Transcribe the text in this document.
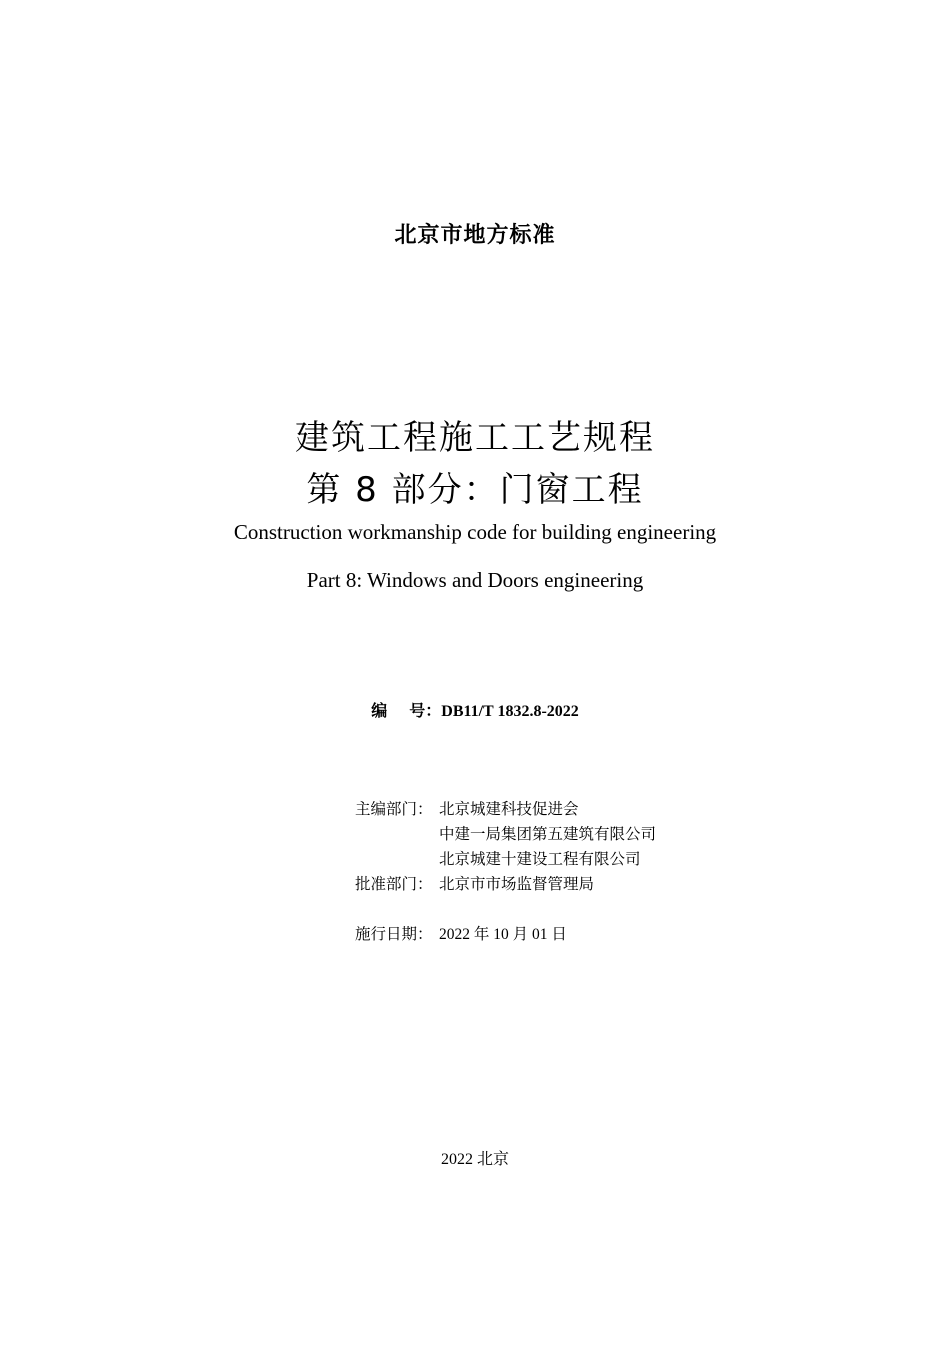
北京市地方标准
建筑工程施工工艺规程
第 8 部分：门窗工程
Construction workmanship code for building engineering
Part 8: Windows and Doors engineering
编 号：DB11/T 1832.8-2022
主编部门： 北京城建科技促进会
中建一局集团第五建筑有限公司
北京城建十建设工程有限公司
批准部门： 北京市市场监督管理局
施行日期： 2022 年 10 月 01 日
2022 北京
